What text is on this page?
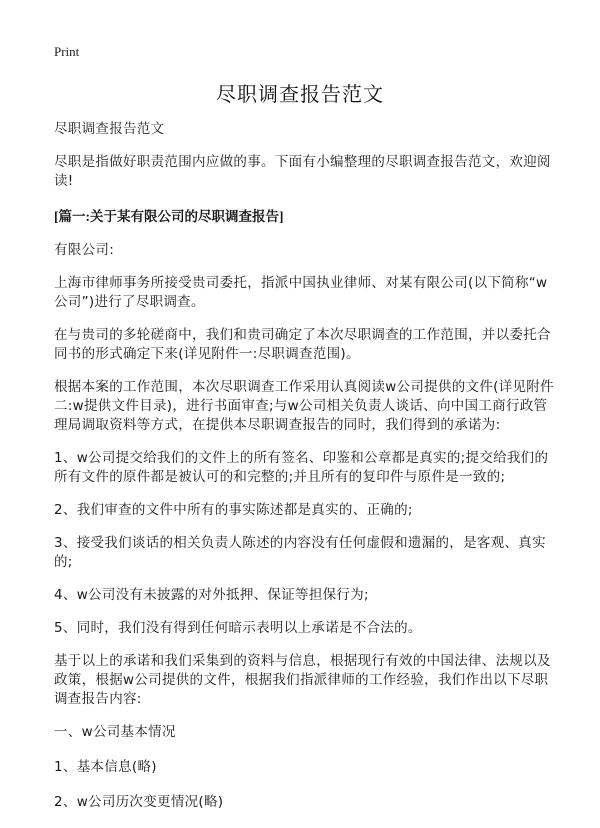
Print
尽职调查报告范文

尽职调查报告范文

尽职是指做好职责范围内应做的事。下面有小编整理的尽职调查报告范文，欢迎阅读!

[篇一:关于某有限公司的尽职调查报告]

有限公司:

上海市律师事务所接受贵司委托，指派中国执业律师、对某有限公司(以下简称“w公司”)进行了尽职调查。

在与贵司的多轮磋商中，我们和贵司确定了本次尽职调查的工作范围，并以委托合同书的形式确定下来(详见附件一:尽职调查范围)。

根据本案的工作范围，本次尽职调查工作采用认真阅读w公司提供的文件(详见附件二:w提供文件目录)，进行书面审查;与w公司相关负责人谈话、向中国工商行政管理局调取资料等方式，在提供本尽职调查报告的同时，我们得到的承诺为:

1、w公司提交给我们的文件上的所有签名、印鉴和公章都是真实的;提交给我们的所有文件的原件都是被认可的和完整的;并且所有的复印件与原件是一致的;

2、我们审查的文件中所有的事实陈述都是真实的、正确的;

3、接受我们谈话的相关负责人陈述的内容没有任何虚假和遗漏的，是客观、真实的;

4、w公司没有未披露的对外抵押、保证等担保行为;

5、同时，我们没有得到任何暗示表明以上承诺是不合法的。

基于以上的承诺和我们采集到的资料与信息，根据现行有效的中国法律、法规以及政策，根据w公司提供的文件，根据我们指派律师的工作经验，我们作出以下尽职调查报告内容:

一、w公司基本情况

1、基本信息(略)

2、w公司历次变更情况(略)
